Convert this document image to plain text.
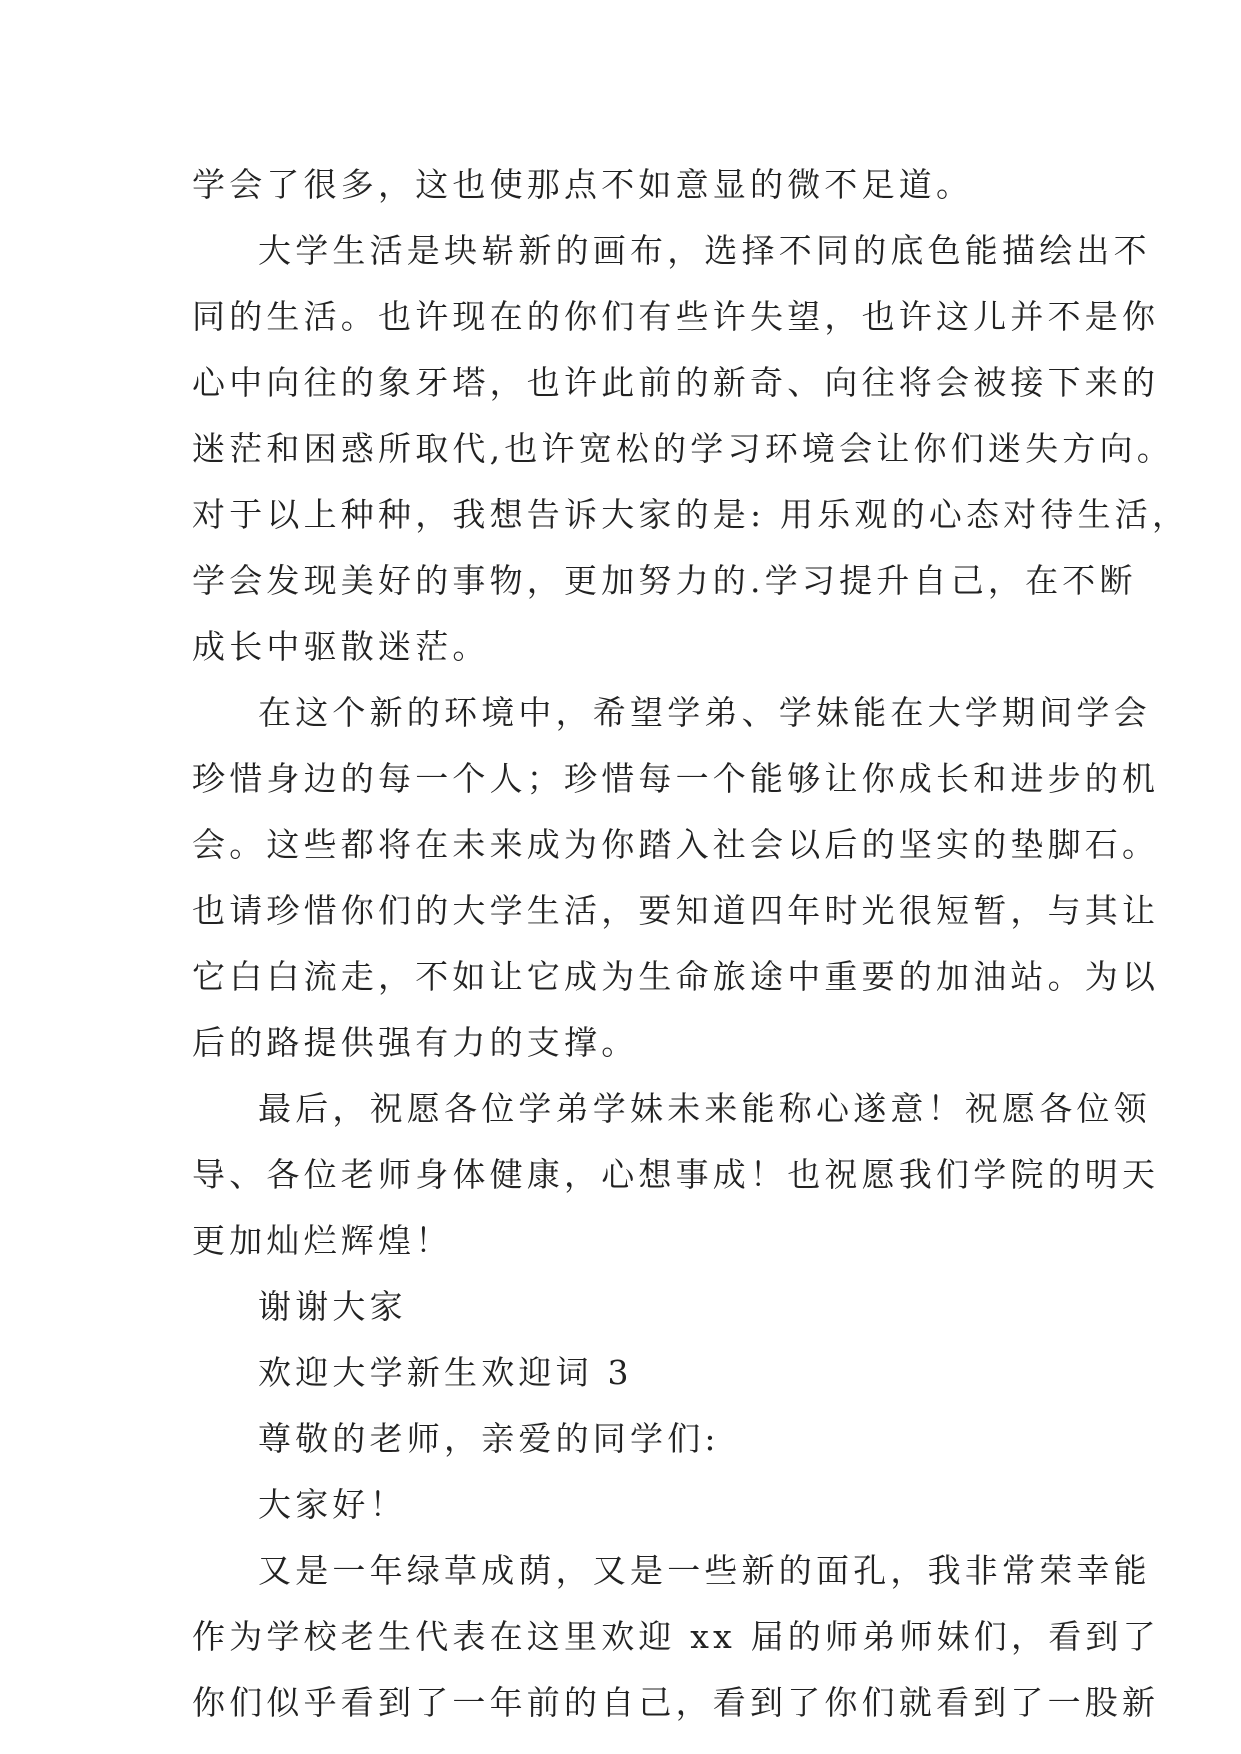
学会了很多，这也使那点不如意显的微不足道。
大学生活是块崭新的画布，选择不同的底色能描绘出不
同的生活。也许现在的你们有些许失望，也许这儿并不是你
心中向往的象牙塔，也许此前的新奇、向往将会被接下来的
迷茫和困惑所取代,也许宽松的学习环境会让你们迷失方向。
对于以上种种，我想告诉大家的是: 用乐观的心态对待生活，
学会发现美好的事物，更加努力的.学习提升自己，在不断
成长中驱散迷茫。
在这个新的环境中，希望学弟、学妹能在大学期间学会
珍惜身边的每一个人；珍惜每一个能够让你成长和进步的机
会。这些都将在未来成为你踏入社会以后的坚实的垫脚石。
也请珍惜你们的大学生活，要知道四年时光很短暂，与其让
它白白流走，不如让它成为生命旅途中重要的加油站。为以
后的路提供强有力的支撑。
最后，祝愿各位学弟学妹未来能称心遂意！祝愿各位领
导、各位老师身体健康，心想事成！也祝愿我们学院的明天
更加灿烂辉煌！
谢谢大家
欢迎大学新生欢迎词 3
尊敬的老师，亲爱的同学们:
大家好！
又是一年绿草成荫，又是一些新的面孔，我非常荣幸能
作为学校老生代表在这里欢迎 xx 届的师弟师妹们，看到了
你们似乎看到了一年前的自己，看到了你们就看到了一股新
